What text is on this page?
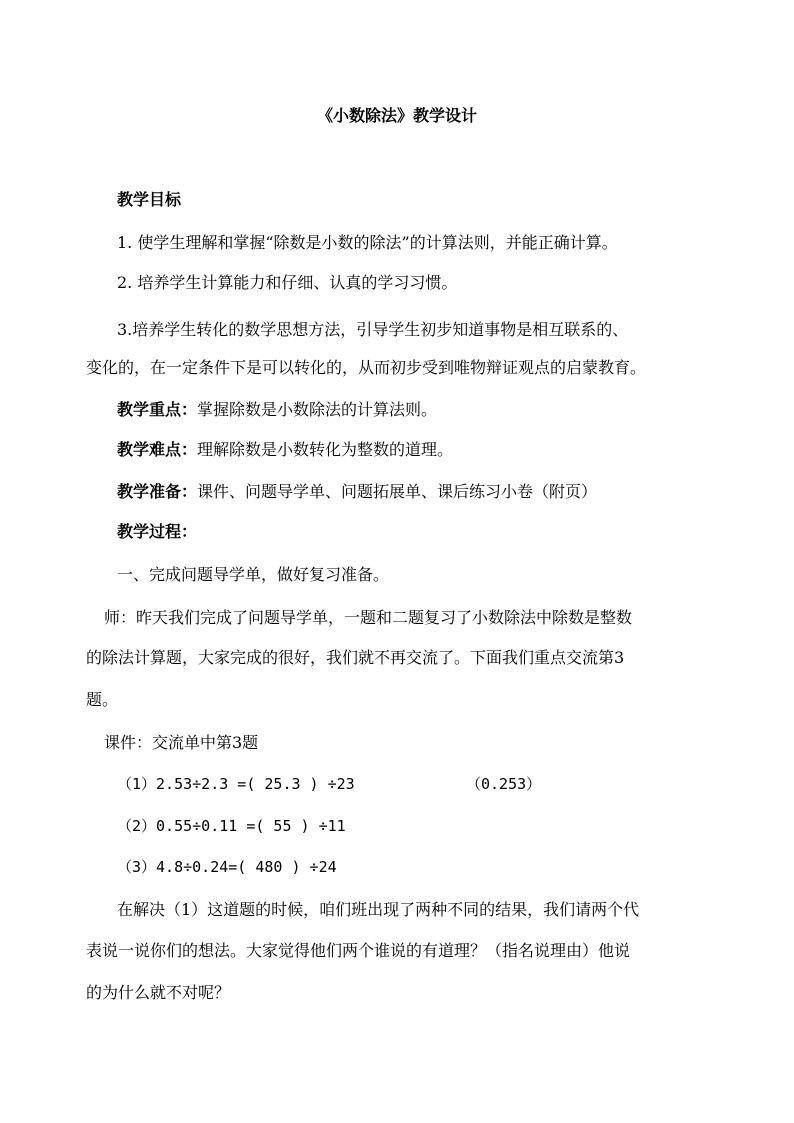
《小数除法》教学设计
教学目标
1. 使学生理解和掌握“除数是小数的除法”的计算法则，并能正确计算。
2. 培养学生计算能力和仔细、认真的学习习惯。
3.培养学生转化的数学思想方法，引导学生初步知道事物是相互联系的、
变化的，在一定条件下是可以转化的，从而初步受到唯物辩证观点的启蒙教育。
教学重点：掌握除数是小数除法的计算法则。
教学难点：理解除数是小数转化为整数的道理。
教学准备：课件、问题导学单、问题拓展单、课后练习小卷（附页）
教学过程：
一、完成问题导学单，做好复习准备。
师：昨天我们完成了问题导学单，一题和二题复习了小数除法中除数是整数
的除法计算题，大家完成的很好，我们就不再交流了。下面我们重点交流第3
题。
课件：交流单中第3题
（1）2.53÷2.3 =( 25.3 ) ÷23	（0.253）
（2）0.55÷0.11 =( 55 ) ÷11
（3）4.8÷0.24=( 480 ) ÷24
在解决（1）这道题的时候，咱们班出现了两种不同的结果，我们请两个代
表说一说你们的想法。大家觉得他们两个谁说的有道理？（指名说理由）他说
的为什么就不对呢？
